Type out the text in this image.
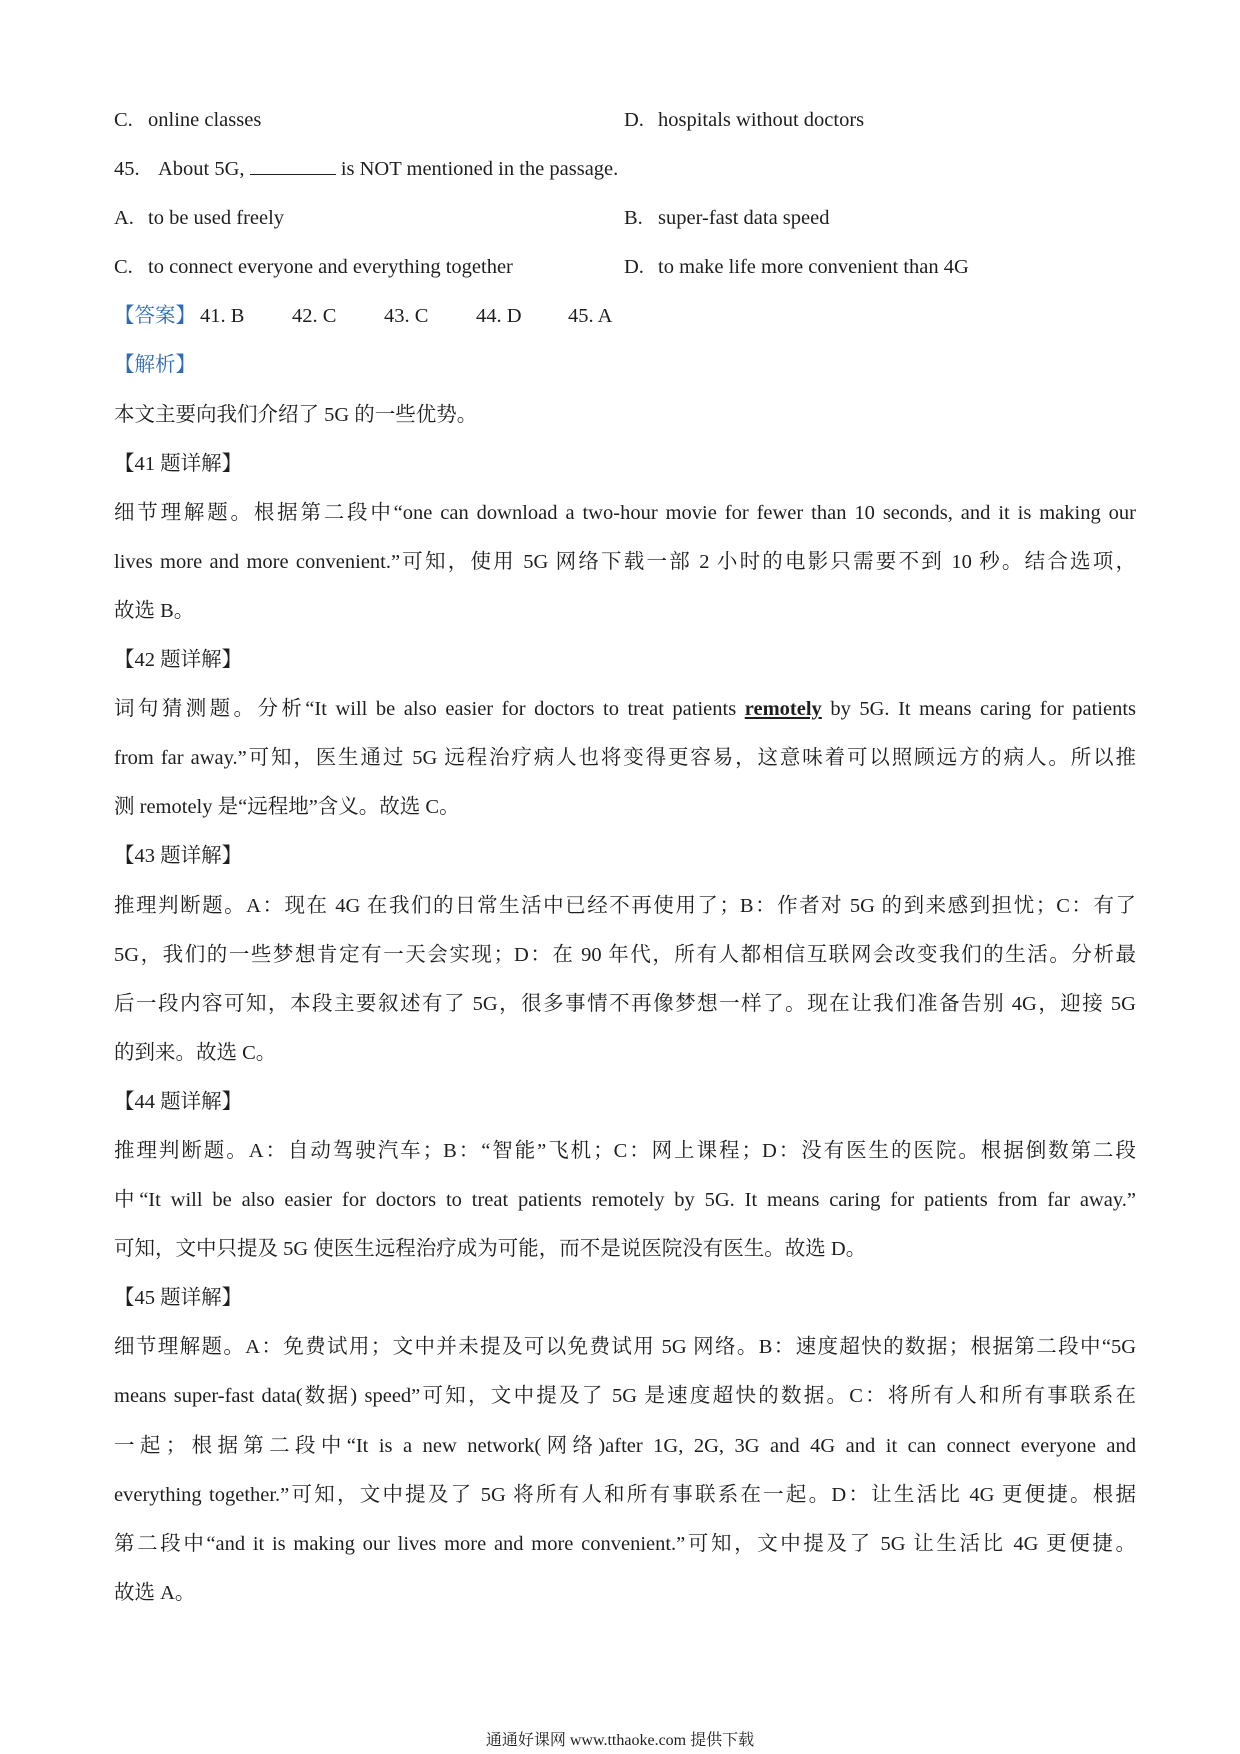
C. online classes	D. hospitals without doctors
45. About 5G,	is NOT mentioned in the passage.
A. to be used freely	B. super-fast data speed
C. to connect everyone and everything together	D. to make life more convenient than 4G
【答案】 41. B 42. C 43. C 44. D 45. A
【解析】
本文主要向我们介绍了 5G 的一些优势。
【41 题详解】
细节理解题。根据第二段中“one can download a two-hour movie for fewer than 10 seconds, and it is making our
lives more and more convenient.”可知，使用 5G 网络下载一部 2 小时的电影只需要不到 10 秒。结合选项，
故选 B。
【42 题详解】
词句猜测题。分析“It will be also easier for doctors to treat patients remotely by 5G. It means caring for patients
from far away.”可知，医生通过 5G 远程治疗病人也将变得更容易，这意味着可以照顾远方的病人。所以推
测 remotely 是“远程地”含义。故选 C。
【43 题详解】
推理判断题。A：现在 4G 在我们的日常生活中已经不再使用了；B：作者对 5G 的到来感到担忧；C：有了
5G，我们的一些梦想肯定有一天会实现；D：在 90 年代，所有人都相信互联网会改变我们的生活。分析最
后一段内容可知，本段主要叙述有了 5G，很多事情不再像梦想一样了。现在让我们准备告别 4G，迎接 5G
的到来。故选 C。
【44 题详解】
推理判断题。A：自动驾驶汽车；B：“智能”飞机；C：网上课程；D：没有医生的医院。根据倒数第二段
中“It will be also easier for doctors to treat patients remotely by 5G. It means caring for patients from far away.”
可知，文中只提及 5G 使医生远程治疗成为可能，而不是说医院没有医生。故选 D。
【45 题详解】
细节理解题。A：免费试用；文中并未提及可以免费试用 5G 网络。B：速度超快的数据；根据第二段中“5G
means super-fast data(数据) speed”可知，文中提及了 5G 是速度超快的数据。C：将所有人和所有事联系在
一起；根据第二段中“It is a new network(网络)after 1G, 2G, 3G and 4G and it can connect everyone and
everything together.”可知，文中提及了 5G 将所有人和所有事联系在一起。D：让生活比 4G 更便捷。根据
第二段中“and it is making our lives more and more convenient.”可知，文中提及了 5G 让生活比 4G 更便捷。
故选 A。
通通好课网 www.tthaoke.com 提供下载
